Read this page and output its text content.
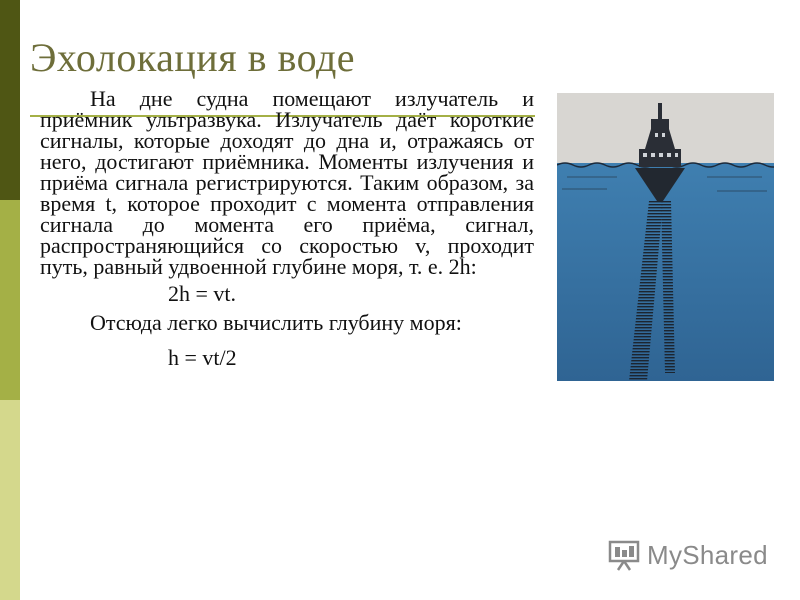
Эхолокация в воде

На дне судна помещают излучатель и приёмник ультразвука. Излучатель даёт короткие сигналы, которые доходят до дна и, отражаясь от него, достигают приёмника. Моменты излучения и приёма сигнала регистрируются. Таким образом, за время t, которое проходит с момента отправления сигнала до момента его приёма, сигнал, распространяющийся со скоростью v, проходит путь, равный удвоенной глубине моря, т. е. 2h:

2h = vt.

Отсюда легко вычислить глубину моря:

h = vt/2
MyShared
